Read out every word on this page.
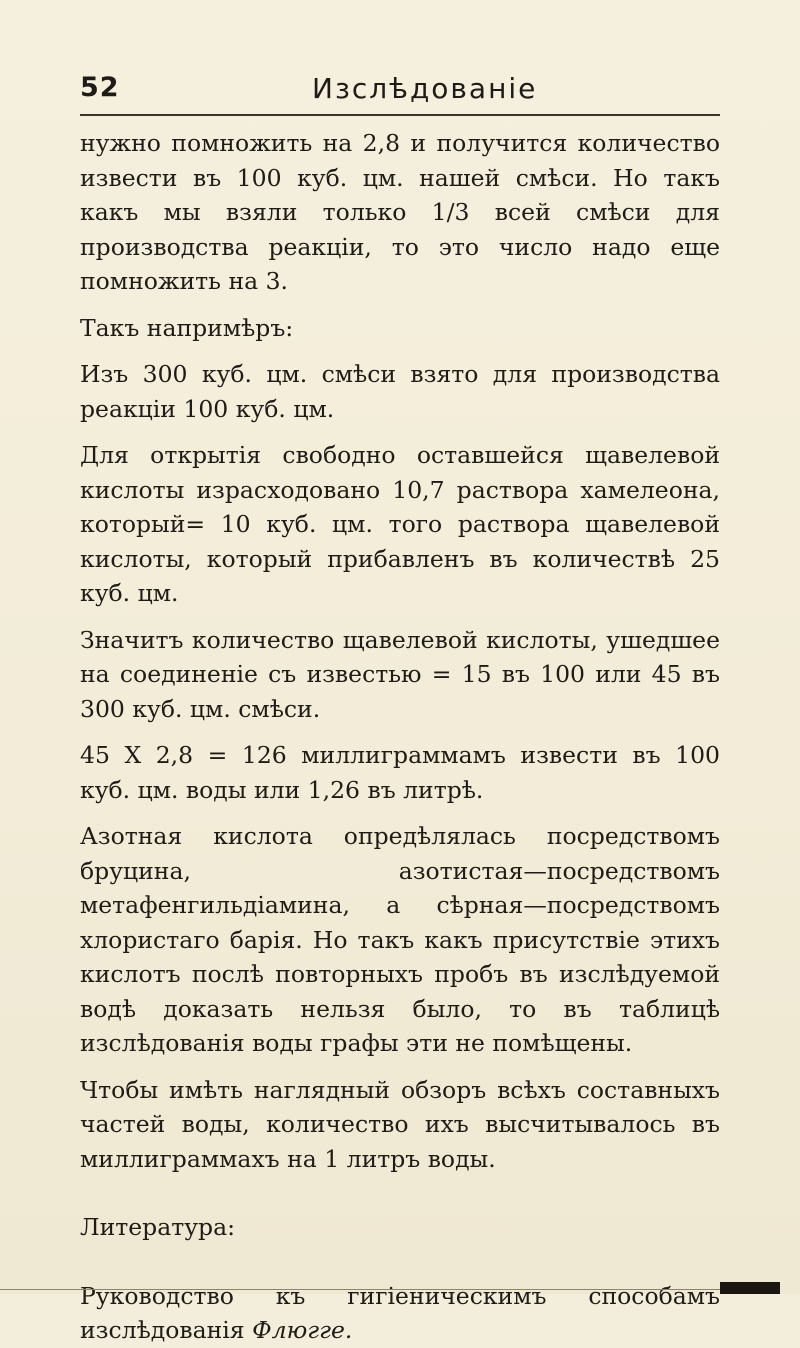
52	Изслѣдованіе

нужно помножить на 2,8 и получится количество извести въ 100 куб. цм. нашей смѣси. Но такъ какъ мы взяли только 1/3 всей смѣси для производства реакціи, то это число надо еще помножить на 3.

Такъ напримѣръ:

Изъ 300 куб. цм. смѣси взято для производства реакціи 100 куб. цм.

Для открытія свободно оставшейся щавелевой кислоты израсходовано 10,7 раствора хамелеона, который= 10 куб. цм. того раствора щавелевой кислоты, который прибавленъ въ количествѣ 25 куб. цм.

Значитъ количество щавелевой кислоты, ушедшее на соединеніе съ известью = 15 въ 100 или 45 въ 300 куб. цм. смѣси.

45 X 2,8 = 126 миллиграммамъ извести въ 100 куб. цм. воды или 1,26 въ литрѣ.

Азотная кислота опредѣлялась посредствомъ бруцина, азотистая—посредствомъ метафенгильдіамина, а сѣрная—посредствомъ хлористаго барія. Но такъ какъ присутствіе этихъ кислотъ послѣ повторныхъ пробъ въ изслѣдуемой водѣ доказать нельзя было, то въ таблицѣ изслѣдованія воды графы эти не помѣщены.

Чтобы имѣть наглядный обзоръ всѣхъ составныхъ частей воды, количество ихъ высчитывалось въ миллиграммахъ на 1 литръ воды.

Литература:

Руководство къ гигіеническимъ способамъ изслѣдованія Флюгге.
